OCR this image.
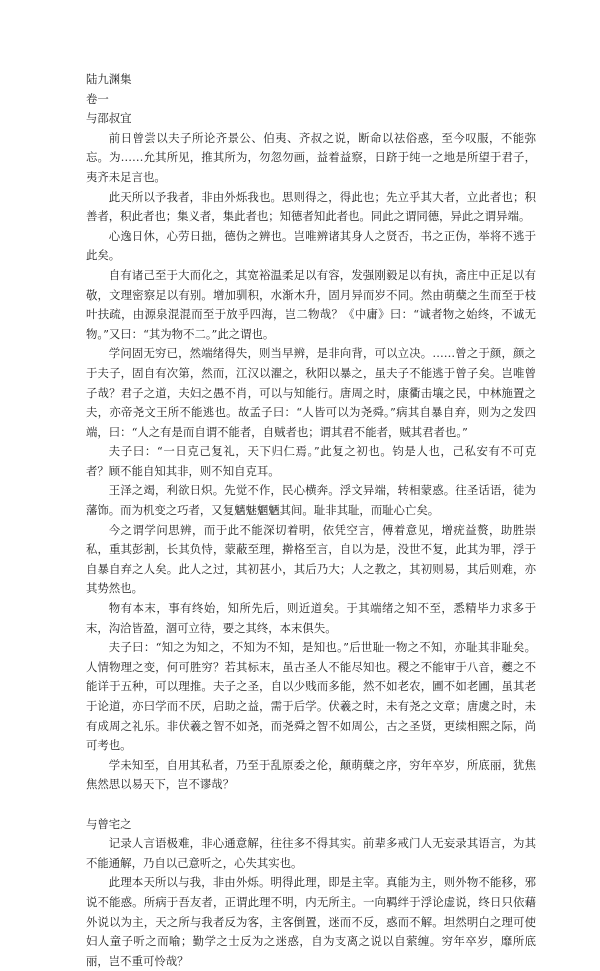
陆九渊集

卷一

与邵叔宜

前日曾尝以夫子所论齐景公、伯夷、齐叔之说，断命以祛俗惑，至今叹服，不能弥忘。为……允其所见，推其所为，勿忽勿画，益着益察，日跻于纯一之地是所望于君子，夷齐未足言也。

此天所以予我者，非由外烁我也。思则得之，得此也；先立乎其大者，立此者也；积善者，积此者也；集义者，集此者也；知德者知此者也。同此之谓同德，异此之谓异端。

心逸日休，心劳日拙，德伪之辨也。岂唯辨诸其身人之贤否，书之正伪，举将不逃于此矣。

自有诸己至于大而化之，其宽裕温柔足以有容，发强刚毅足以有执，斋庄中正足以有敬，文理密察足以有别。增加驯积，水渐木升，固月异而岁不同。然由萌蘖之生而至于枝叶扶疏，由源泉混混而至于放乎四海，岂二物哉？《中庸》曰：“诚者物之始终，不诚无物。”又曰：“其为物不二。”此之谓也。

学问固无穷已，然端绪得失，则当早辨，是非向背，可以立决。……曾之于颜，颜之于夫子，固自有次第，然而，江汉以濯之，秋阳以暴之，虽夫子不能逃于曾子矣。岂唯曾子哉？君子之道，夫妇之愚不肖，可以与知能行。唐周之时，康衢击壤之民，中林施置之夫，亦帝尧文王所不能逃也。故孟子曰：“人皆可以为尧舜。”病其自暴自弃，则为之发四端，曰：“人之有是而自谓不能者，自贼者也；谓其君不能者，贼其君者也。”

夫子曰：“一日克己复礼，天下归仁焉。”此复之初也。钧是人也，己私安有不可克者？顾不能自知其非，则不知自克耳。

王泽之竭，利欲日炽。先觉不作，民心横奔。浮文异端，转相蒙惑。往圣话语，徒为藩饰。而为机变之巧者，又复魑魅魍魉其间。耻非其耻，而耻心亡矣。

今之谓学问思辨，而于此不能深切着明，依凭空言，傅着意见，增疣益赘，助胜崇私，重其彭割，长其负恃，蒙蔽至理，擀格至言，自以为是，没世不复，此其为罪，浮于自暴自弃之人矣。此人之过，其初甚小，其后乃大；人之教之，其初则易，其后则难，亦其势然也。

物有本末，事有终始，知所先后，则近道矣。于其端绪之知不至，悉精毕力求多于末，沟洽皆盈，涸可立待，要之其终，本末俱失。

夫子曰：“知之为知之，不知为不知，是知也。”后世耻一物之不知，亦耻其非耻矣。人情物理之变，何可胜穷？若其标末，虽古圣人不能尽知也。稷之不能审于八音，夔之不能详于五种，可以理推。夫子之圣，自以少贱而多能，然不如老农，圃不如老圃，虽其老于论道，亦曰学而不厌，启助之益，需于后学。伏羲之时，未有尧之文章；唐虞之时，未有成周之礼乐。非伏羲之智不如尧，而尧舜之智不如周公，古之圣贤，更续相熙之际，尚可考也。

学未知至，自用其私者，乃至于乱原委之伦，颠萌蘖之序，穷年卒岁，所底丽，犹焦焦然思以易天下，岂不谬哉？

与曾宅之

记录人言语极难，非心通意解，往往多不得其实。前辈多戒门人无妄录其语言，为其不能通解，乃自以己意听之，心失其实也。

此理本天所以与我，非由外烁。明得此理，即是主宰。真能为主，则外物不能移，邪说不能惑。所病于吾友者，正谓此理不明，内无所主。一向羁绊于浮论虚说，终日只依藉外说以为主，天之所与我者反为客，主客倒置，迷而不反，惑而不解。坦然明白之理可使妇人童子听之而喻；勤学之士反为之迷惑，自为支离之说以自萦缠。穷年卒岁，靡所底丽，岂不重可怜哉？
